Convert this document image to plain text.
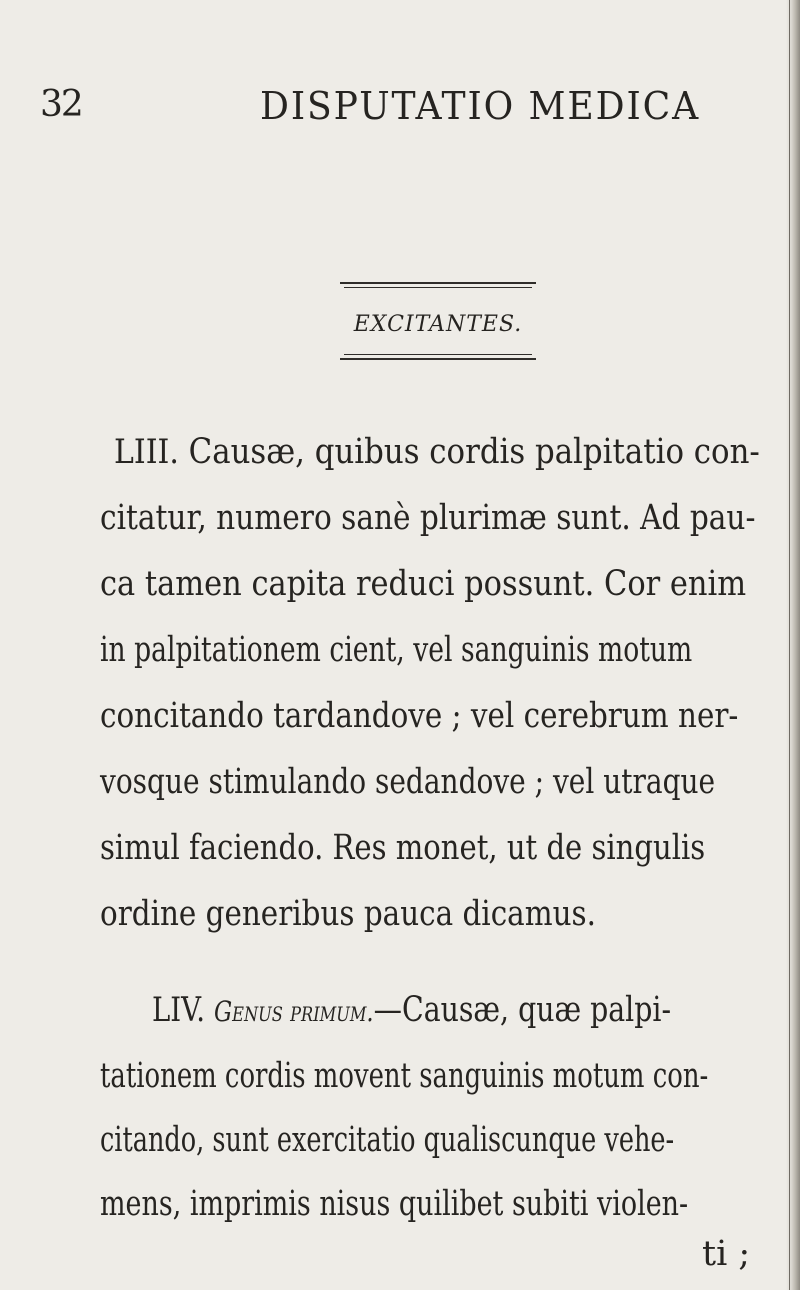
32	DISPUTATIO MEDICA
EXCITANTES.
LIII. Causæ, quibus cordis palpitatio con-
citatur, numero sanè plurimæ sunt. Ad pau-
ca tamen capita reduci possunt. Cor enim
in palpitationem cient, vel sanguinis motum
concitando tardandove ; vel cerebrum ner-
vosque stimulando sedandove ; vel utraque
simul faciendo. Res monet, ut de singulis
ordine generibus pauca dicamus.
LIV. Genus primum.—Causæ, quæ palpi-
tationem cordis movent sanguinis motum con-
citando, sunt exercitatio qualiscunque vehe-
mens, imprimis nisus quilibet subiti violen-
ti ;
